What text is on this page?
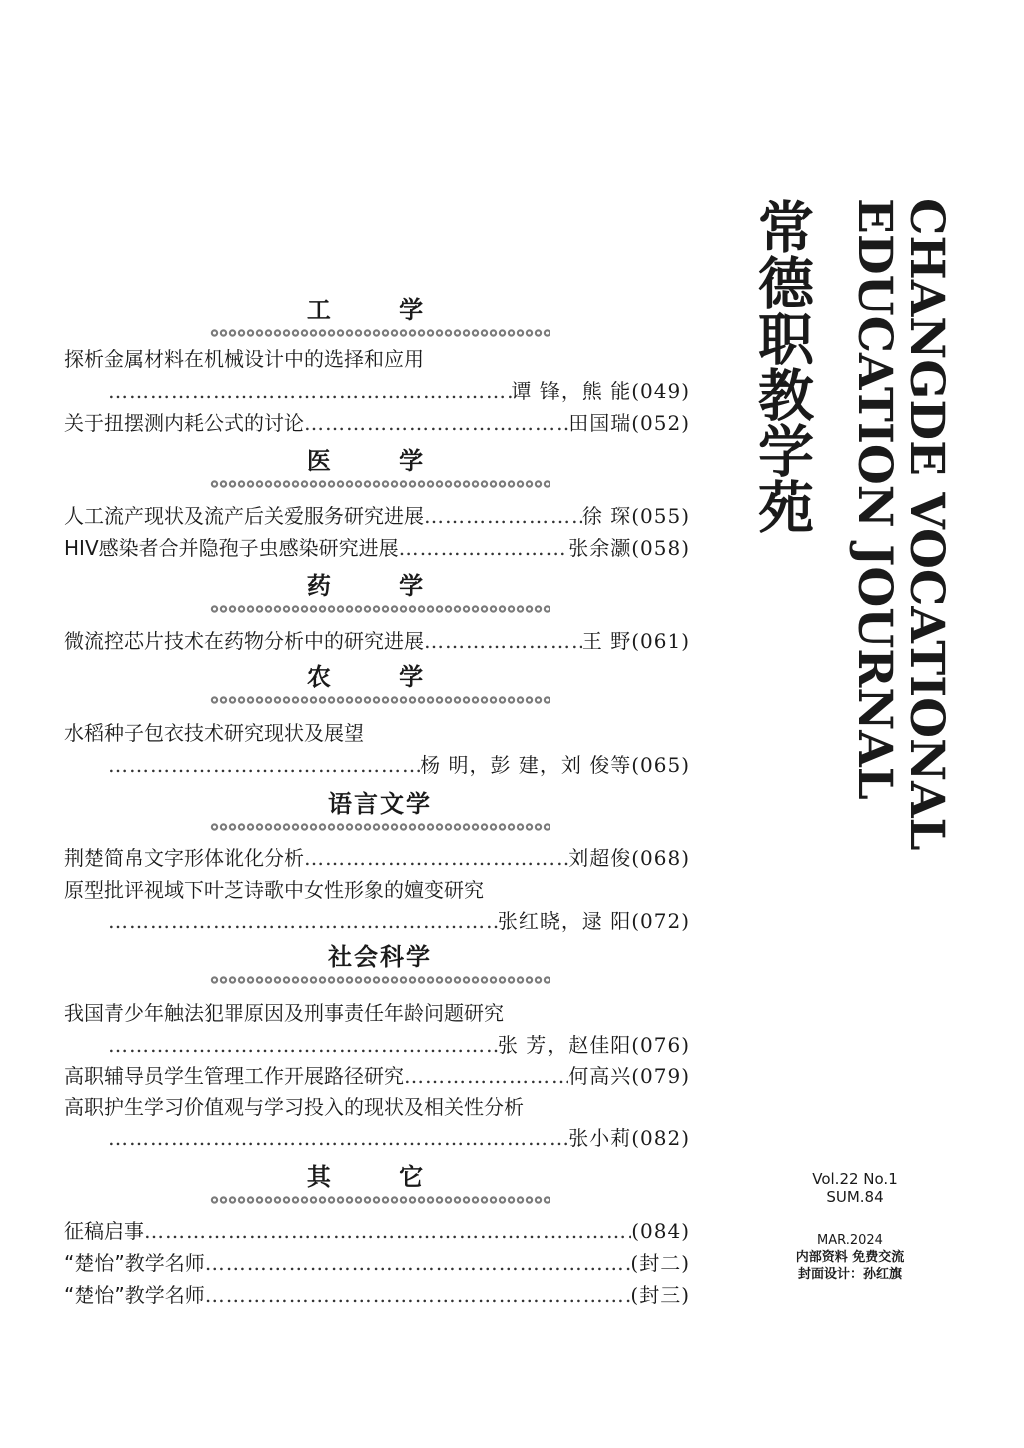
工 学
探析金属材料在机械设计中的选择和应用
谭 锋，熊 能(049)
………………………………………………………………………………………………………………………………………………………………
关于扭摆测内耗公式的讨论	田国瑞(052)
………………………………………………………………………………………………………………………………………………………………
医 学
人工流产现状及流产后关爱服务研究进展	徐 琛(055)
………………………………………………………………………………………………………………………………………………………………
HIV感染者合并隐孢子虫感染研究进展	张余灏(058)
………………………………………………………………………………………………………………………………………………………………
药 学
微流控芯片技术在药物分析中的研究进展	王 野(061)
………………………………………………………………………………………………………………………………………………………………
农 学
水稻种子包衣技术研究现状及展望
杨 明，彭 建，刘 俊等(065)
………………………………………………………………………………………………………………………………………………………………
语言文学
荆楚简帛文字形体讹化分析	刘超俊(068)
………………………………………………………………………………………………………………………………………………………………
原型批评视域下叶芝诗歌中女性形象的嬗变研究
张红晓，逯 阳(072)
………………………………………………………………………………………………………………………………………………………………
社会科学
我国青少年触法犯罪原因及刑事责任年龄问题研究
张 芳，赵佳阳(076)
………………………………………………………………………………………………………………………………………………………………
高职辅导员学生管理工作开展路径研究	何高兴(079)
………………………………………………………………………………………………………………………………………………………………
高职护生学习价值观与学习投入的现状及相关性分析
张小莉(082)
………………………………………………………………………………………………………………………………………………………………
其 它
征稿启事	(084)
………………………………………………………………………………………………………………………………………………………………
“楚怡”教学名师	(封二)
………………………………………………………………………………………………………………………………………………………………
“楚怡”教学名师	(封三)
………………………………………………………………………………………………………………………………………………………………
常德职教学苑 CHANGDE VOCATIONAL
EDUCATION JOURNAL
Vol.22 No.1
SUM.84
MAR.2024
内部资料 免费交流
封面设计：孙红旗
